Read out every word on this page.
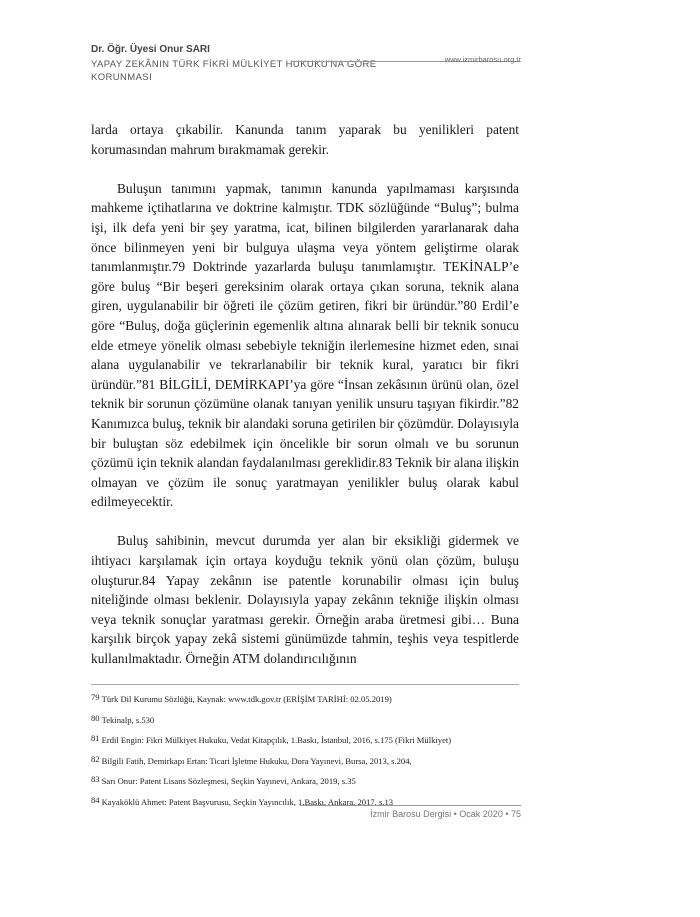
Dr. Öğr. Üyesi Onur SARI
YAPAY ZEKÂNIN TÜRK FİKRİ MÜLKİYET HUKUKU'NA GÖRE KORUNMASI
www.izmirbarosu.org.tr

larda ortaya çıkabilir. Kanunda tanım yaparak bu yenilikleri patent korumasından mahrum bırakmamak gerekir.

Buluşun tanımını yapmak, tanımın kanunda yapılmaması karşısında mahkeme içtihatlarına ve doktrine kalmıştır. TDK sözlüğünde “Buluş”; bulma işi, ilk defa yeni bir şey yaratma, icat, bilinen bilgilerden yararlanarak daha önce bilinmeyen yeni bir bulguya ulaşma veya yöntem geliştirme olarak tanımlanmıştır.79 Doktrinde yazarlarda buluşu tanımlamıştır. TEKİNALP’e göre buluş “Bir beşeri gereksinim olarak ortaya çıkan soruna, teknik alana giren, uygulanabilir bir öğreti ile çözüm getiren, fikri bir üründür.”80 Erdil’e göre “Buluş, doğa güçlerinin egemenlik altına alınarak belli bir teknik sonucu elde etmeye yönelik olması sebebiyle tekniğin ilerlemesine hizmet eden, sınai alana uygulanabilir ve tekrarlanabilir bir teknik kural, yaratıcı bir fikri üründür.”81 BİLGİLİ, DEMİRKAPI’ya göre “İnsan zekâsının ürünü olan, özel teknik bir sorunun çözümüne olanak tanıyan yenilik unsuru taşıyan fikirdir.”82 Kanımızca buluş, teknik bir alandaki soruna getirilen bir çözümdür. Dolayısıyla bir buluştan söz edebilmek için öncelikle bir sorun olmalı ve bu sorunun çözümü için teknik alandan faydalanılması gereklidir.83 Teknik bir alana ilişkin olmayan ve çözüm ile sonuç yaratmayan yenilikler buluş olarak kabul edilmeyecektir.

Buluş sahibinin, mevcut durumda yer alan bir eksikliği gidermek ve ihtiyacı karşılamak için ortaya koyduğu teknik yönü olan çözüm, buluşu oluşturur.84 Yapay zekânın ise patentle korunabilir olması için buluş niteliğinde olması beklenir. Dolayısıyla yapay zekânın tekniğe ilişkin olması veya teknik sonuçlar yaratması gerekir. Örneğin araba üretmesi gibi… Buna karşılık birçok yapay zekâ sistemi günümüzde tahmin, teşhis veya tespitlerde kullanılmaktadır. Örneğin ATM dolandırıcılığının

$^{79}$ Türk Dil Kurumu Sözlüğü, Kaynak: www.tdk.gov.tr (ERİŞİM TARİHİ: 02.05.2019)
$^{80}$ Tekinalp, s.530
$^{81}$ Erdil Engin: Fikri Mülkiyet Hukuku, Vedat Kitapçılık, 1.Baskı, İstanbul, 2016, s.175 (Fikri Mülkiyet)
$^{82}$ Bilgili Fatih, Demirkapı Ertan: Ticari İşletme Hukuku, Dora Yayınevi, Bursa, 2013, s.204,
$^{83}$ Sarı Onur: Patent Lisans Sözleşmesi, Seçkin Yayınevi, Ankara, 2019, s.35
$^{84}$ Kayaköklü Ahmet: Patent Başvurusu, Seçkin Yayıncılık, 1.Baskı, Ankara, 2017, s.13
İzmir Barosu Dergisi • Ocak 2020 • 75
